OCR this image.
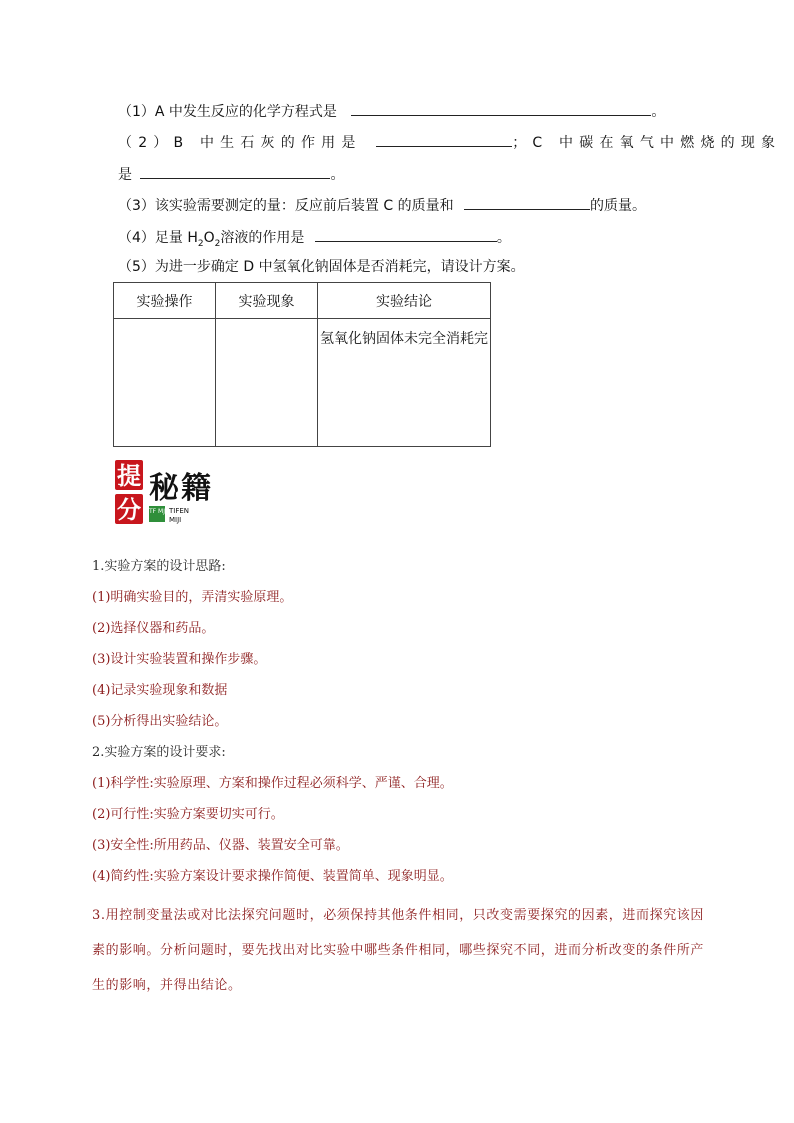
（1）A 中发生反应的化学方程式是	。
（2）B 中生石灰的作用是	；C 中碳在氧气中燃烧的现象
是	。
（3）该实验需要测定的量：反应前后装置 C 的质量和	的质量。
（4）足量 $H_2O_2$溶液的作用是	。
（5）为进一步确定 D 中氢氧化钠固体是否消耗完，请设计方案。
实验操作	实验现象	实验结论
		氢氧化钠固体未完全消耗完
提
分
秘籍
TF MJ TIFEN
MIJI
1.实验方案的设计思路:
(1)明确实验目的，弄清实验原理。
(2)选择仪器和药品。
(3)设计实验装置和操作步骤。
(4)记录实验现象和数据
(5)分析得出实验结论。
2.实验方案的设计要求:
(1)科学性:实验原理、方案和操作过程必须科学、严谨、合理。
(2)可行性:实验方案要切实可行。
(3)安全性:所用药品、仪器、装置安全可靠。
(4)简约性:实验方案设计要求操作简便、装置简单、现象明显。
3.用控制变量法或对比法探究问题时，必须保持其他条件相同，只改变需要探究的因素，进而探究该因素的影响。分析问题时，要先找出对比实验中哪些条件相同，哪些探究不同，进而分析改变的条件所产生的影响，并得出结论。
